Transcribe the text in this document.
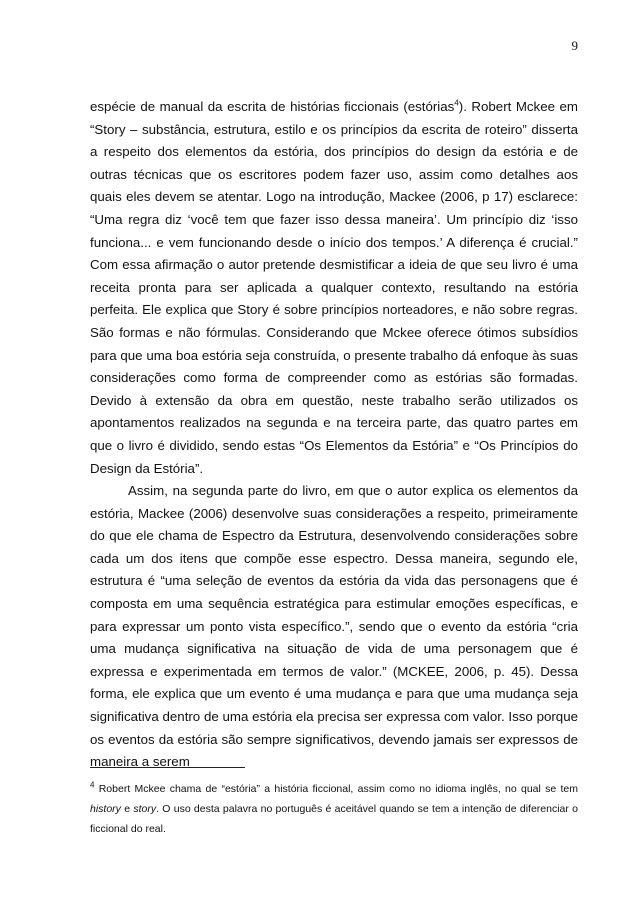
9

espécie de manual da escrita de histórias ficcionais (estórias$^4$). Robert Mckee em “Story – substância, estrutura, estilo e os princípios da escrita de roteiro” disserta a respeito dos elementos da estória, dos princípios do design da estória e de outras técnicas que os escritores podem fazer uso, assim como detalhes aos quais eles devem se atentar. Logo na introdução, Mackee (2006, p 17) esclarece: “Uma regra diz ‘você tem que fazer isso dessa maneira’. Um princípio diz ‘isso funciona... e vem funcionando desde o início dos tempos.’ A diferença é crucial.” Com essa afirmação o autor pretende desmistificar a ideia de que seu livro é uma receita pronta para ser aplicada a qualquer contexto, resultando na estória perfeita. Ele explica que Story é sobre princípios norteadores, e não sobre regras. São formas e não fórmulas. Considerando que Mckee oferece ótimos subsídios para que uma boa estória seja construída, o presente trabalho dá enfoque às suas considerações como forma de compreender como as estórias são formadas. Devido à extensão da obra em questão, neste trabalho serão utilizados os apontamentos realizados na segunda e na terceira parte, das quatro partes em que o livro é dividido, sendo estas “Os Elementos da Estória” e “Os Princípios do Design da Estória”.

Assim, na segunda parte do livro, em que o autor explica os elementos da estória, Mackee (2006) desenvolve suas considerações a respeito, primeiramente do que ele chama de Espectro da Estrutura, desenvolvendo considerações sobre cada um dos itens que compõe esse espectro. Dessa maneira, segundo ele, estrutura é “uma seleção de eventos da estória da vida das personagens que é composta em uma sequência estratégica para estimular emoções específicas, e para expressar um ponto vista específico.”, sendo que o evento da estória “cria uma mudança significativa na situação de vida de uma personagem que é expressa e experimentada em termos de valor.” (MCKEE, 2006, p. 45). Dessa forma, ele explica que um evento é uma mudança e para que uma mudança seja significativa dentro de uma estória ela precisa ser expressa com valor. Isso porque os eventos da estória são sempre significativos, devendo jamais ser expressos de maneira a serem

$^4$ Robert Mckee chama de “estória” a história ficcional, assim como no idioma inglês, no qual se tem history e story. O uso desta palavra no português é aceitável quando se tem a intenção de diferenciar o ficcional do real.
